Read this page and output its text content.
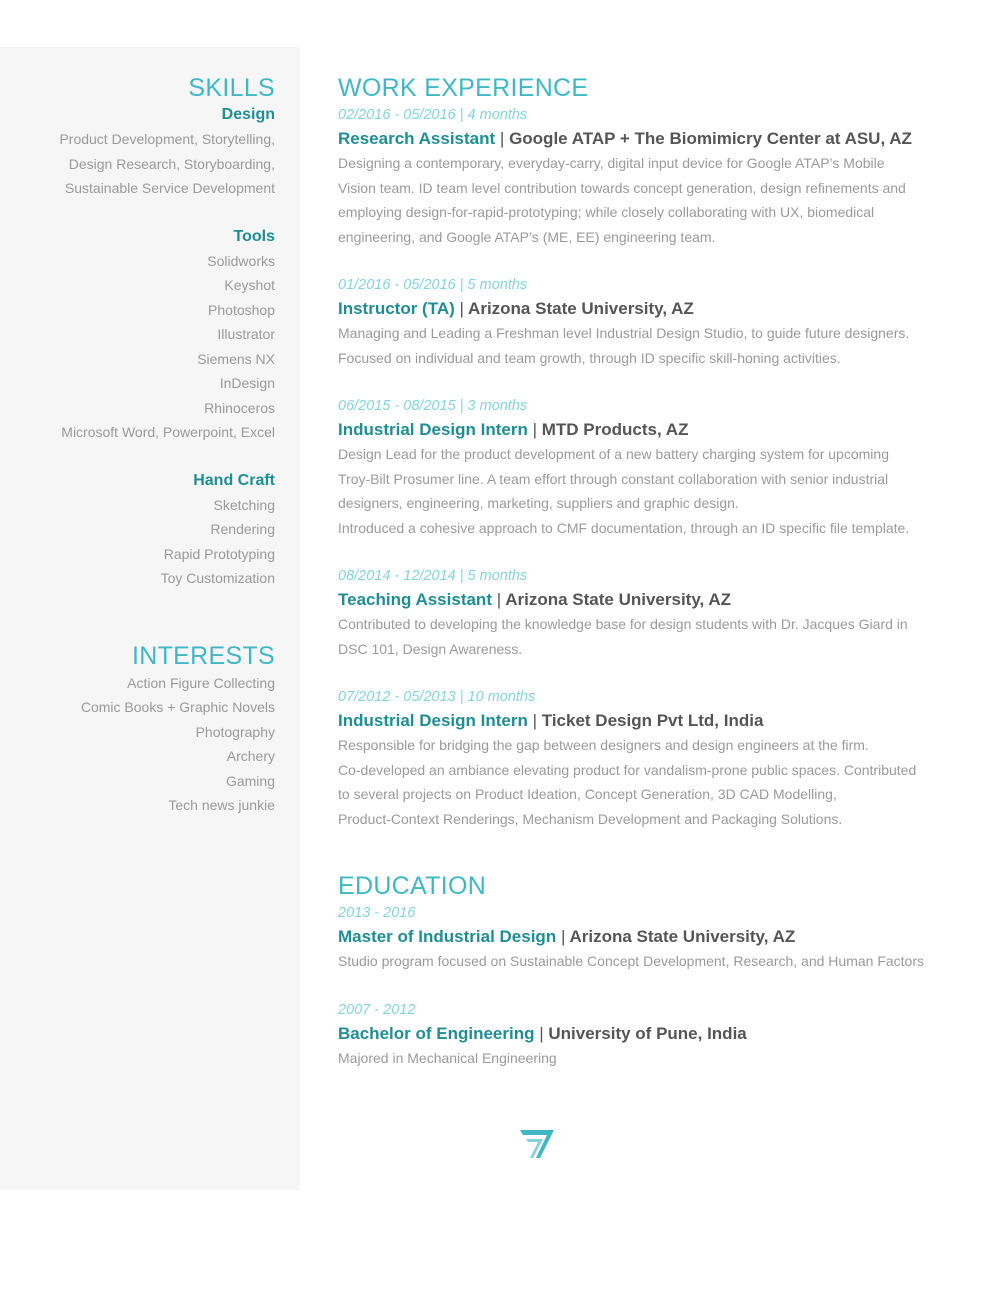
SKILLS
Design
Product Development, Storytelling,
Design Research, Storyboarding,
Sustainable Service Development
Tools
Solidworks
Keyshot
Photoshop
Illustrator
Siemens NX
InDesign
Rhinoceros
Microsoft Word, Powerpoint, Excel
Hand Craft
Sketching
Rendering
Rapid Prototyping
Toy Customization
INTERESTS
Action Figure Collecting
Comic Books + Graphic Novels
Photography
Archery
Gaming
Tech news junkie
WORK EXPERIENCE
02/2016 - 05/2016 | 4 months
Research Assistant | Google ATAP + The Biomimicry Center at ASU, AZ
Designing a contemporary, everyday-carry, digital input device for Google ATAP’s Mobile
Vision team. ID team level contribution towards concept generation, design refinements and
employing design-for-rapid-prototyping; while closely collaborating with UX, biomedical
engineering, and Google ATAP’s (ME, EE) engineering team.
01/2016 - 05/2016 | 5 months
Instructor (TA) | Arizona State University, AZ
Managing and Leading a Freshman level Industrial Design Studio, to guide future designers.
Focused on individual and team growth, through ID specific skill-honing activities.
06/2015 - 08/2015 | 3 months
Industrial Design Intern | MTD Products, AZ
Design Lead for the product development of a new battery charging system for upcoming
Troy-Bilt Prosumer line. A team effort through constant collaboration with senior industrial
designers, engineering, marketing, suppliers and graphic design.
Introduced a cohesive approach to CMF documentation, through an ID specific file template.
08/2014 - 12/2014 | 5 months
Teaching Assistant | Arizona State University, AZ
Contributed to developing the knowledge base for design students with Dr. Jacques Giard in
DSC 101, Design Awareness.
07/2012 - 05/2013 | 10 months
Industrial Design Intern | Ticket Design Pvt Ltd, India
Responsible for bridging the gap between designers and design engineers at the firm.
Co-developed an ambiance elevating product for vandalism-prone public spaces. Contributed
to several projects on Product Ideation, Concept Generation, 3D CAD Modelling,
Product-Context Renderings, Mechanism Development and Packaging Solutions.
EDUCATION
2013 - 2016
Master of Industrial Design | Arizona State University, AZ
Studio program focused on Sustainable Concept Development, Research, and Human Factors
2007 - 2012
Bachelor of Engineering | University of Pune, India
Majored in Mechanical Engineering
